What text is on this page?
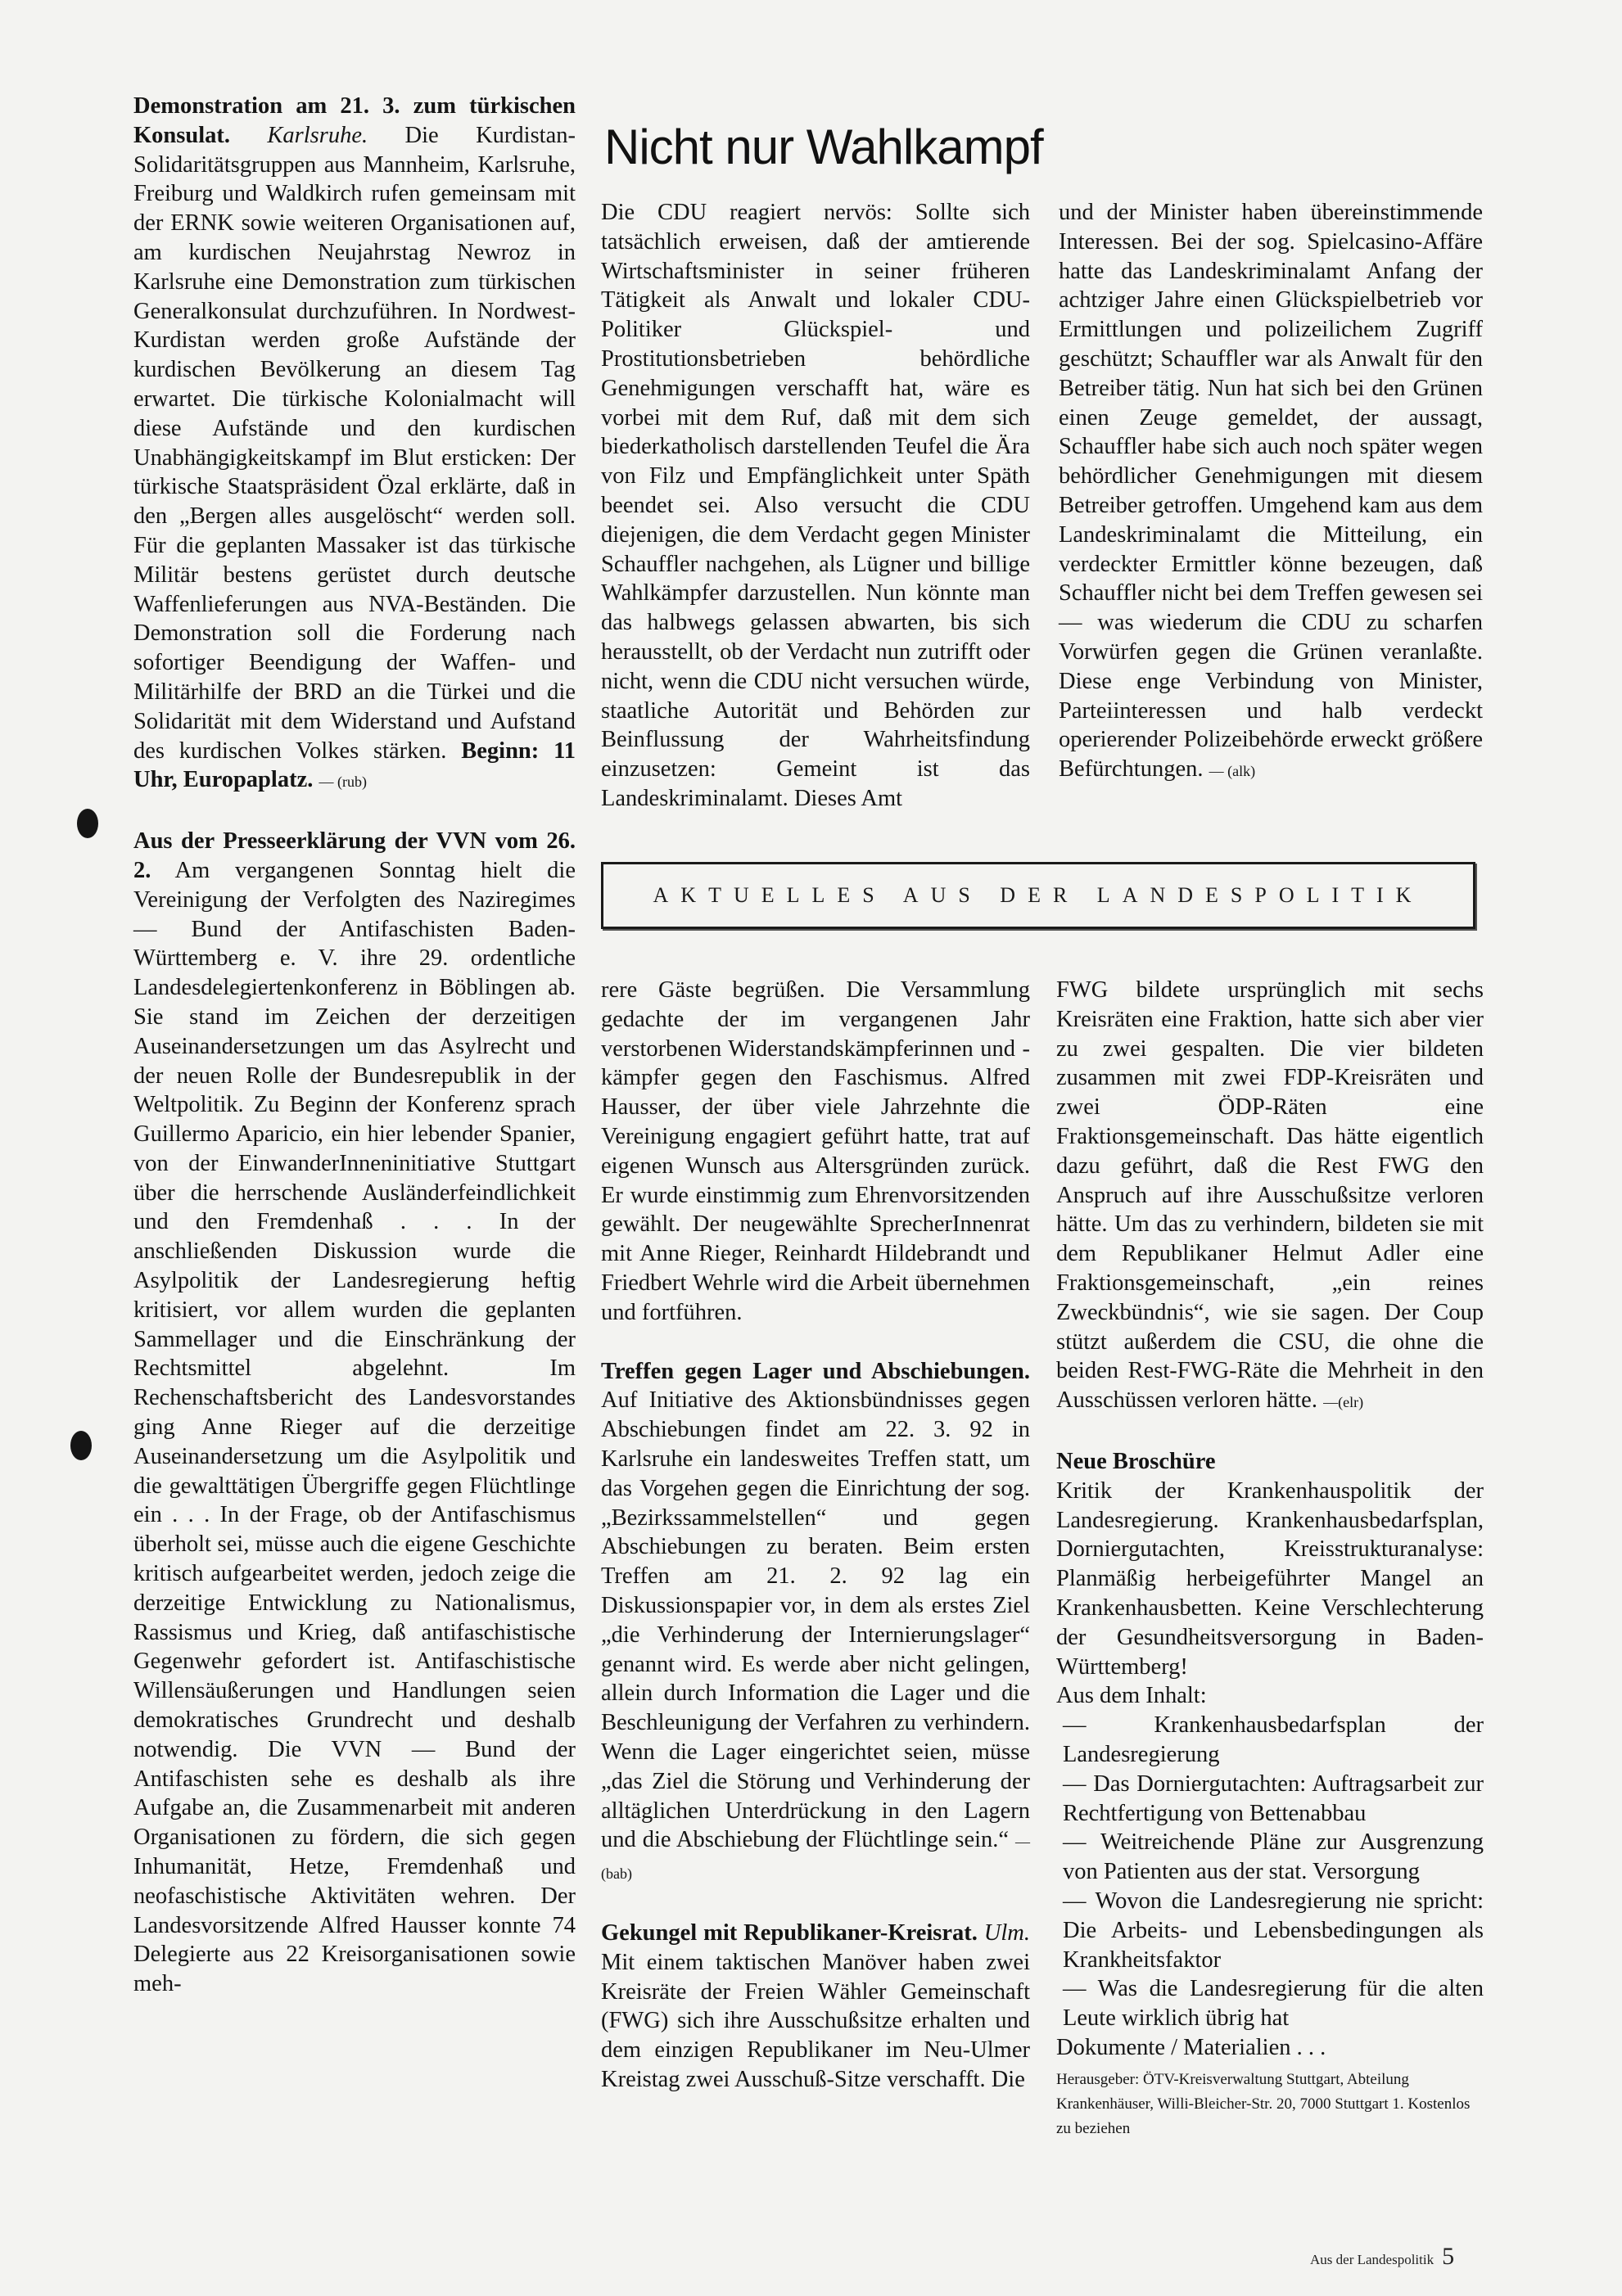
Nicht nur Wahlkampf

Demonstration am 21. 3. zum türkischen Konsulat. Karlsruhe. Die Kurdistan-Solidaritätsgruppen aus Mannheim, Karlsruhe, Freiburg und Waldkirch rufen gemeinsam mit der ERNK sowie weiteren Organisationen auf, am kurdischen Neujahrstag Newroz in Karlsruhe eine Demonstration zum türkischen Generalkonsulat durchzuführen. In Nordwest-Kurdistan werden große Aufstände der kurdischen Bevölkerung an diesem Tag erwartet. Die türkische Kolonialmacht will diese Aufstände und den kurdischen Unabhängigkeitskampf im Blut ersticken: Der türkische Staatspräsident Özal erklärte, daß in den „Bergen alles ausgelöscht“ werden soll. Für die geplanten Massaker ist das türkische Militär bestens gerüstet durch deutsche Waffenlieferungen aus NVA-Beständen. Die Demonstration soll die Forderung nach sofortiger Beendigung der Waffen- und Militärhilfe der BRD an die Türkei und die Solidarität mit dem Widerstand und Aufstand des kurdischen Volkes stärken. Beginn: 11 Uhr, Europaplatz. — (rub)

Aus der Presseerklärung der VVN vom 26. 2. Am vergangenen Sonntag hielt die Vereinigung der Verfolgten des Naziregimes — Bund der Antifaschisten Baden-Württemberg e. V. ihre 29. ordentliche Landesdelegiertenkonferenz in Böblingen ab. Sie stand im Zeichen der derzeitigen Auseinandersetzungen um das Asylrecht und der neuen Rolle der Bundesrepublik in der Weltpolitik. Zu Beginn der Konferenz sprach Guillermo Aparicio, ein hier lebender Spanier, von der EinwanderInneninitiative Stuttgart über die herrschende Ausländerfeindlichkeit und den Fremdenhaß . . . In der anschließenden Diskussion wurde die Asylpolitik der Landesregierung heftig kritisiert, vor allem wurden die geplanten Sammellager und die Einschränkung der Rechtsmittel abgelehnt. Im Rechenschaftsbericht des Landesvorstandes ging Anne Rieger auf die derzeitige Auseinandersetzung um die Asylpolitik und die gewalttätigen Übergriffe gegen Flüchtlinge ein . . . In der Frage, ob der Antifaschismus überholt sei, müsse auch die eigene Geschichte kritisch aufgearbeitet werden, jedoch zeige die derzeitige Entwicklung zu Nationalismus, Rassismus und Krieg, daß antifaschistische Gegenwehr gefordert ist. Antifaschistische Willensäußerungen und Handlungen seien demokratisches Grundrecht und deshalb notwendig. Die VVN — Bund der Antifaschisten sehe es deshalb als ihre Aufgabe an, die Zusammenarbeit mit anderen Organisationen zu fördern, die sich gegen Inhumanität, Hetze, Fremdenhaß und neofaschistische Aktivitäten wehren. Der Landesvorsitzende Alfred Hausser konnte 74 Delegierte aus 22 Kreisorganisationen sowie meh-

Die CDU reagiert nervös: Sollte sich tatsächlich erweisen, daß der amtierende Wirtschaftsminister in seiner früheren Tätigkeit als Anwalt und lokaler CDU-Politiker Glückspiel- und Prostitutionsbetrieben behördliche Genehmigungen verschafft hat, wäre es vorbei mit dem Ruf, daß mit dem sich biederkatholisch darstellenden Teufel die Ära von Filz und Empfänglichkeit unter Späth beendet sei. Also versucht die CDU diejenigen, die dem Verdacht gegen Minister Schauffler nachgehen, als Lügner und billige Wahlkämpfer darzustellen. Nun könnte man das halbwegs gelassen abwarten, bis sich herausstellt, ob der Verdacht nun zutrifft oder nicht, wenn die CDU nicht versuchen würde, staatliche Autorität und Behörden zur Beinflussung der Wahrheitsfindung einzusetzen: Gemeint ist das Landeskriminalamt. Dieses Amt

und der Minister haben übereinstimmende Interessen. Bei der sog. Spielcasino-Affäre hatte das Landeskriminalamt Anfang der achtziger Jahre einen Glückspielbetrieb vor Ermittlungen und polizeilichem Zugriff geschützt; Schauffler war als Anwalt für den Betreiber tätig. Nun hat sich bei den Grünen einen Zeuge gemeldet, der aussagt, Schauffler habe sich auch noch später wegen behördlicher Genehmigungen mit diesem Betreiber getroffen. Umgehend kam aus dem Landeskriminalamt die Mitteilung, ein verdeckter Ermittler könne bezeugen, daß Schauffler nicht bei dem Treffen gewesen sei — was wiederum die CDU zu scharfen Vorwürfen gegen die Grünen veranlaßte. Diese enge Verbindung von Minister, Parteiinteressen und halb verdeckt operierender Polizeibehörde erweckt größere Befürchtungen. — (alk)

AKTUELLES AUS DER LANDESPOLITIK

rere Gäste begrüßen. Die Versammlung gedachte der im vergangenen Jahr verstorbenen Widerstandskämpferinnen und -kämpfer gegen den Faschismus. Alfred Hausser, der über viele Jahrzehnte die Vereinigung engagiert geführt hatte, trat auf eigenen Wunsch aus Altersgründen zurück. Er wurde einstimmig zum Ehrenvorsitzenden gewählt. Der neugewählte SprecherInnenrat mit Anne Rieger, Reinhardt Hildebrandt und Friedbert Wehrle wird die Arbeit übernehmen und fortführen.

Treffen gegen Lager und Abschiebungen. Auf Initiative des Aktionsbündnisses gegen Abschiebungen findet am 22. 3. 92 in Karlsruhe ein landesweites Treffen statt, um das Vorgehen gegen die Einrichtung der sog. „Bezirkssammelstellen“ und gegen Abschiebungen zu beraten. Beim ersten Treffen am 21. 2. 92 lag ein Diskussionspapier vor, in dem als erstes Ziel „die Verhinderung der Internierungslager“ genannt wird. Es werde aber nicht gelingen, allein durch Information die Lager und die Beschleunigung der Verfahren zu verhindern. Wenn die Lager eingerichtet seien, müsse „das Ziel die Störung und Verhinderung der alltäglichen Unterdrückung in den Lagern und die Abschiebung der Flüchtlinge sein.“ — (bab)

Gekungel mit Republikaner-Kreisrat. Ulm. Mit einem taktischen Manöver haben zwei Kreisräte der Freien Wähler Gemeinschaft (FWG) sich ihre Ausschußsitze erhalten und dem einzigen Republikaner im Neu-Ulmer Kreistag zwei Ausschuß-Sitze verschafft. Die

FWG bildete ursprünglich mit sechs Kreisräten eine Fraktion, hatte sich aber vier zu zwei gespalten. Die vier bildeten zusammen mit zwei FDP-Kreisräten und zwei ÖDP-Räten eine Fraktionsgemeinschaft. Das hätte eigentlich dazu geführt, daß die Rest FWG den Anspruch auf ihre Ausschußsitze verloren hätte. Um das zu verhindern, bildeten sie mit dem Republikaner Helmut Adler eine Fraktionsgemeinschaft, „ein reines Zweckbündnis“, wie sie sagen. Der Coup stützt außerdem die CSU, die ohne die beiden Rest-FWG-Räte die Mehrheit in den Ausschüssen verloren hätte. —(elr)

Neue Broschüre
Kritik der Krankenhauspolitik der Landesregierung. Krankenhausbedarfsplan, Dorniergutachten, Kreisstrukturanalyse: Planmäßig herbeigeführter Mangel an Krankenhausbetten. Keine Verschlechterung der Gesundheitsversorgung in Baden-Württemberg!
Aus dem Inhalt:
— Krankenhausbedarfsplan der Landesregierung
— Das Dorniergutachten: Auftragsarbeit zur Rechtfertigung von Bettenabbau
— Weitreichende Pläne zur Ausgrenzung von Patienten aus der stat. Versorgung
— Wovon die Landesregierung nie spricht: Die Arbeits- und Lebensbedingungen als Krankheitsfaktor
— Was die Landesregierung für die alten Leute wirklich übrig hat
Dokumente / Materialien . . .

Herausgeber: ÖTV-Kreisverwaltung Stuttgart, Abteilung Krankenhäuser, Willi-Bleicher-Str. 20, 7000 Stuttgart 1. Kostenlos zu beziehen

Aus der Landespolitik 5
